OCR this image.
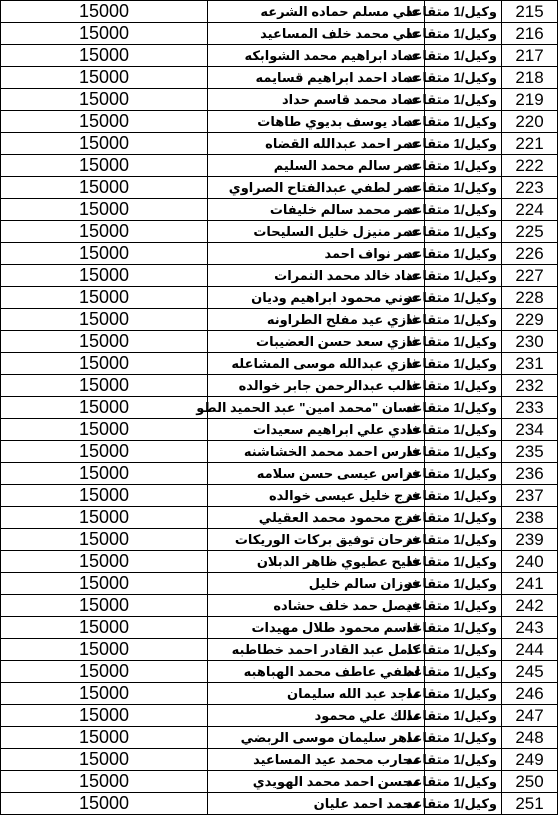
15000	علي مسلم حماده الشرعه	وكيل/1 متقاعد	215
15000	علي محمد خلف المساعيد	وكيل/1 متقاعد	216
15000	عماد ابراهيم محمد الشوابكه	وكيل/1 متقاعد	217
15000	عماد احمد ابراهيم قسايمه	وكيل/1 متقاعد	218
15000	عماد محمد قاسم حداد	وكيل/1 متقاعد	219
15000	عماد يوسف بديوي طاهات	وكيل/1 متقاعد	220
15000	عمر احمد عبدالله القضاه	وكيل/1 متقاعد	221
15000	عمر سالم محمد السليم	وكيل/1 متقاعد	222
15000	عمر لطفي عبدالفتاح الصراوي	وكيل/1 متقاعد	223
15000	عمر محمد سالم خليفات	وكيل/1 متقاعد	224
15000	عمر منيزل خليل السليحات	وكيل/1 متقاعد	225
15000	عمر نواف احمد	وكيل/1 متقاعد	226
15000	عناد خالد محمد النمرات	وكيل/1 متقاعد	227
15000	عوني محمود ابراهيم وديان	وكيل/1 متقاعد	228
15000	غازي عيد مفلح الطراونه	وكيل/1 متقاعد	229
15000	غازي سعد حسن العضيبات	وكيل/1 متقاعد	230
15000	غازي عبدالله موسى المشاعله	وكيل/1 متقاعد	231
15000	غالب عبدالرحمن جابر خوالده	وكيل/1 متقاعد	232
15000	غسان "محمد امين" عبد الحميد الطو	وكيل/1 متقاعد	233
15000	فادي علي ابراهيم سعيدات	وكيل/1 متقاعد	234
15000	فارس احمد محمد الخشاشنه	وكيل/1 متقاعد	235
15000	فراس عيسى حسن سلامه	وكيل/1 متقاعد	236
15000	فرج خليل عيسى خوالده	وكيل/1 متقاعد	237
15000	فرج محمود محمد العقيلي	وكيل/1 متقاعد	238
15000	فرحان توفيق بركات الوريكات	وكيل/1 متقاعد	239
15000	فليح عطيوي ظاهر الدبلان	وكيل/1 متقاعد	240
15000	فوزان سالم خليل	وكيل/1 متقاعد	241
15000	فيصل حمد خلف حشاده	وكيل/1 متقاعد	242
15000	قاسم محمود طلال مهيدات	وكيل/1 متقاعد	243
15000	كامل عبد القادر احمد خطاطبه	وكيل/1 متقاعد	244
15000	لطفي عاطف محمد الهباهبه	وكيل/1 متقاعد	245
15000	ماجد عبد الله سليمان	وكيل/1 متقاعد	246
15000	مالك علي محمود	وكيل/1 متقاعد	247
15000	ماهر سليمان موسى الربضي	وكيل/1 متقاعد	248
15000	محارب محمد عيد المساعيد	وكيل/1 متقاعد	249
15000	محسن احمد محمد الهويدي	وكيل/1 متقاعد	250
15000	محمد احمد عليان	وكيل/1 متقاعد	251
